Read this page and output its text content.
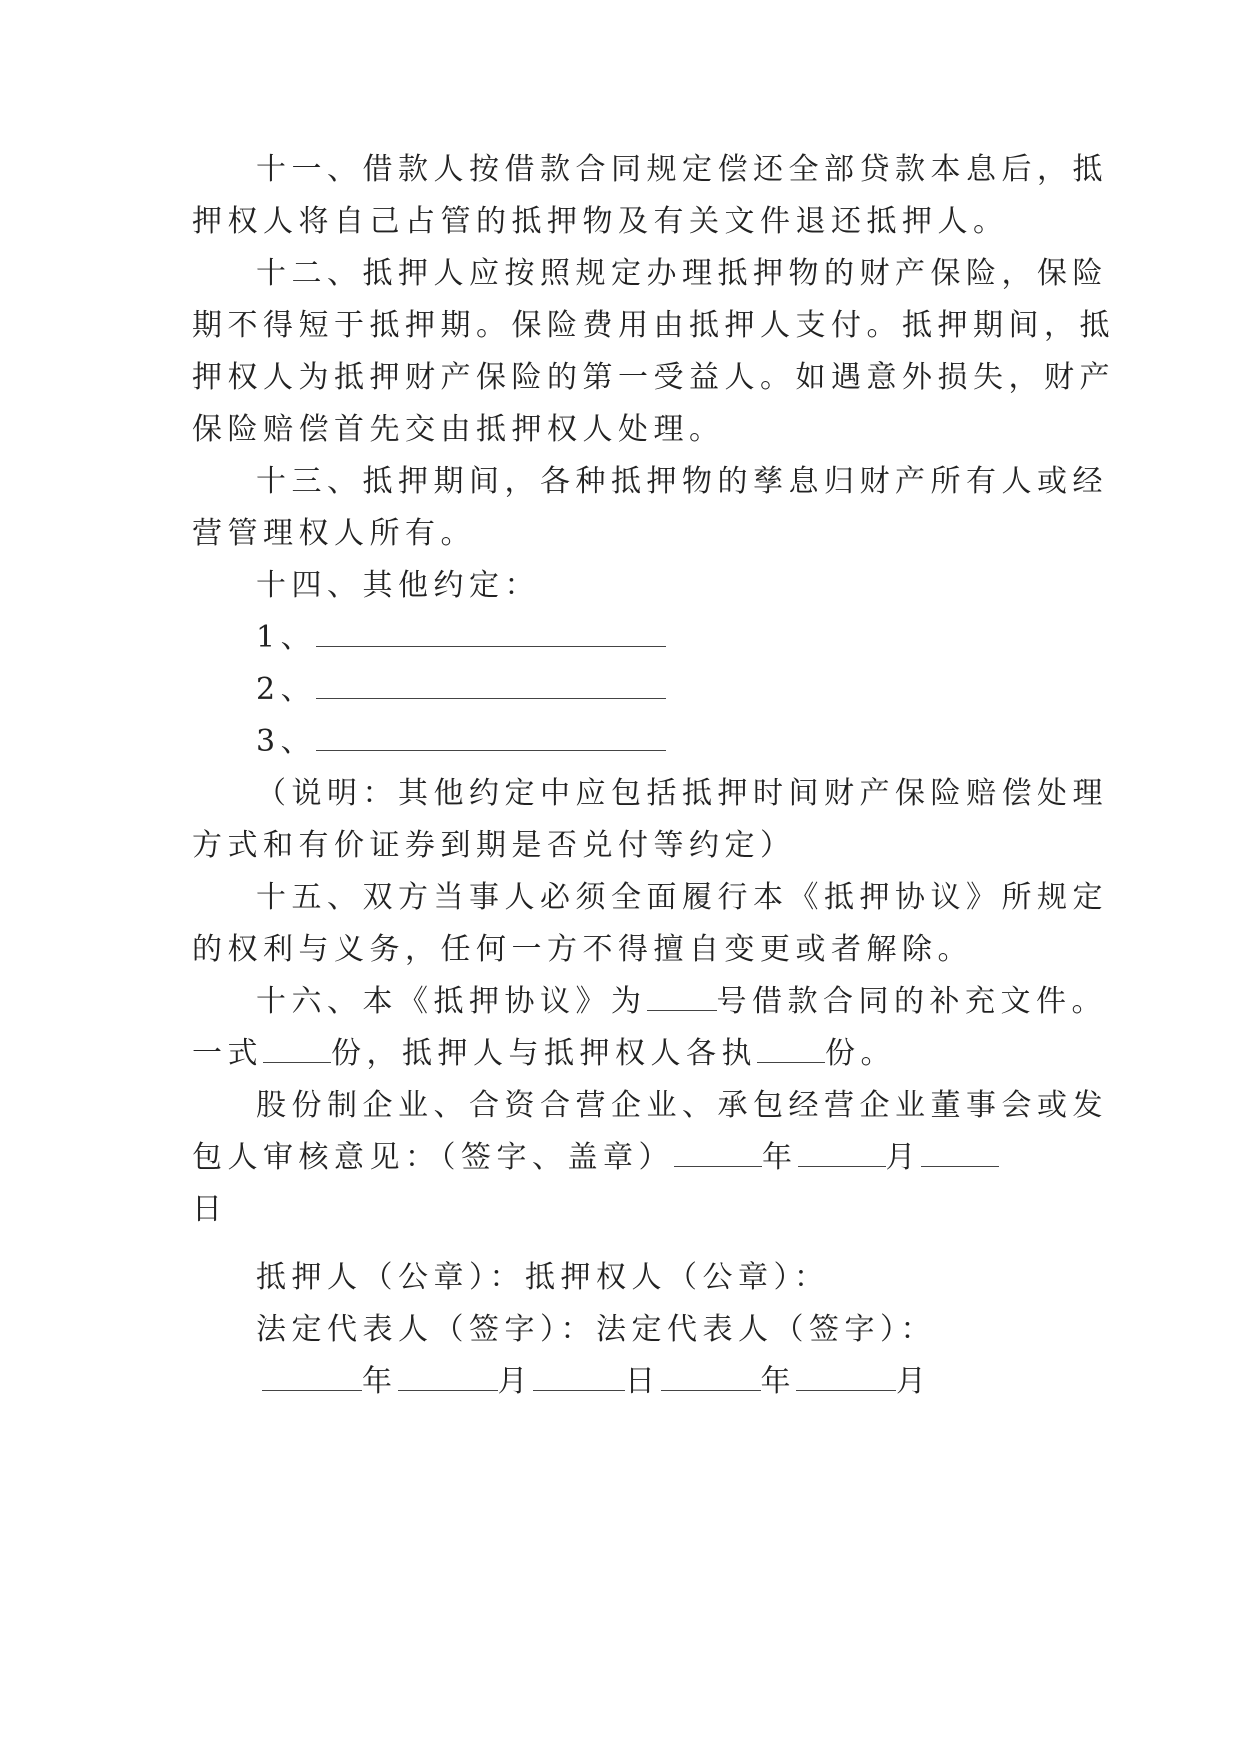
十一、借款人按借款合同规定偿还全部贷款本息后，抵
押权人将自己占管的抵押物及有关文件退还抵押人。
十二、抵押人应按照规定办理抵押物的财产保险，保险
期不得短于抵押期。保险费用由抵押人支付。抵押期间，抵
押权人为抵押财产保险的第一受益人。如遇意外损失，财产
保险赔偿首先交由抵押权人处理。
十三、抵押期间，各种抵押物的孳息归财产所有人或经
营管理权人所有。
十四、其他约定：
1、
2、
3、
（说明：其他约定中应包括抵押时间财产保险赔偿处理
方式和有价证券到期是否兑付等约定）
十五、双方当事人必须全面履行本《抵押协议》所规定
的权利与义务，任何一方不得擅自变更或者解除。
十六、本《抵押协议》为 号借款合同的补充文件。
一式 份，抵押人与抵押权人各执 份。
股份制企业、合资合营企业、承包经营企业董事会或发
包人审核意见：（签字、盖章）	年	月
日
抵押人（公章）：抵押权人（公章）：
法定代表人（签字）：法定代表人（签字）：
年	月	日	年	月
